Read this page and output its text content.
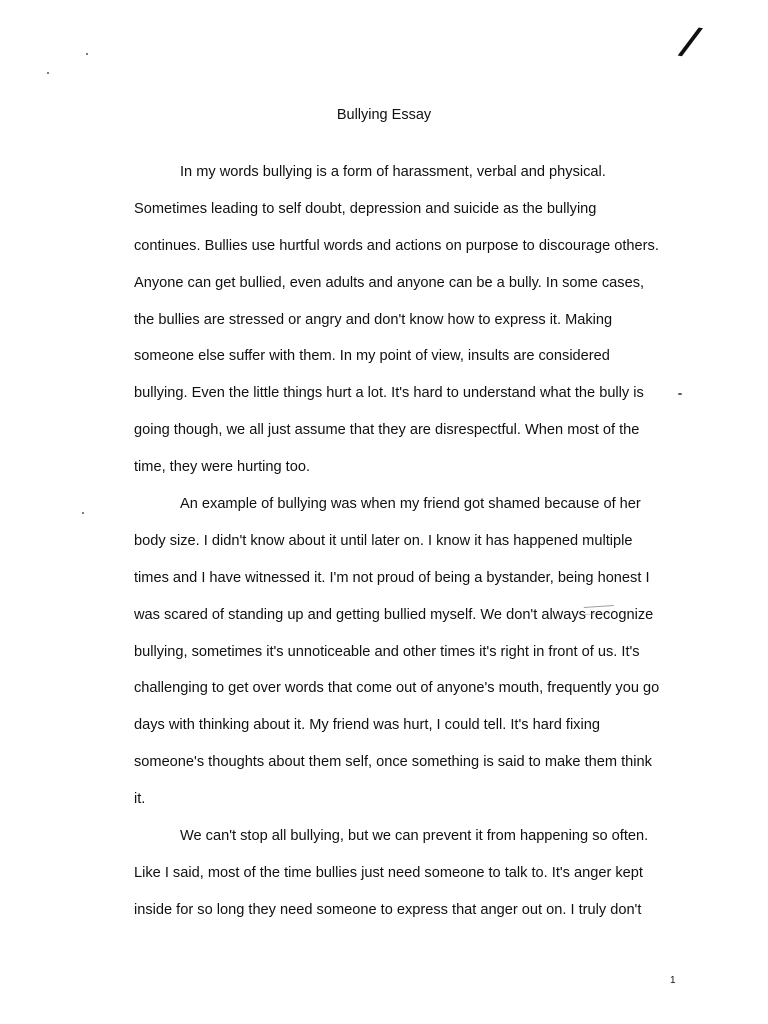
/
Bullying Essay
In my words bullying is a form of harassment, verbal and physical.
Sometimes leading to self doubt, depression and suicide as the bullying
continues. Bullies use hurtful words and actions on purpose to discourage others.
Anyone can get bullied, even adults and anyone can be a bully. In some cases,
the bullies are stressed or angry and don't know how to express it. Making
someone else suffer with them. In my point of view, insults are considered
bullying. Even the little things hurt a lot. It's hard to understand what the bully is
going though, we all just assume that they are disrespectful. When most of the
time, they were hurting too.
An example of bullying was when my friend got shamed because of her
body size. I didn't know about it until later on. I know it has happened multiple
times and I have witnessed it. I'm not proud of being a bystander, being honest I
was scared of standing up and getting bullied myself. We don't always recognize
bullying, sometimes it's unnoticeable and other times it's right in front of us. It's
challenging to get over words that come out of anyone's mouth, frequently you go
days with thinking about it. My friend was hurt, I could tell. It's hard fixing
someone's thoughts about them self, once something is said to make them think
it.
We can't stop all bullying, but we can prevent it from happening so often.
Like I said, most of the time bullies just need someone to talk to. It's anger kept
inside for so long they need someone to express that anger out on. I truly don't
1
